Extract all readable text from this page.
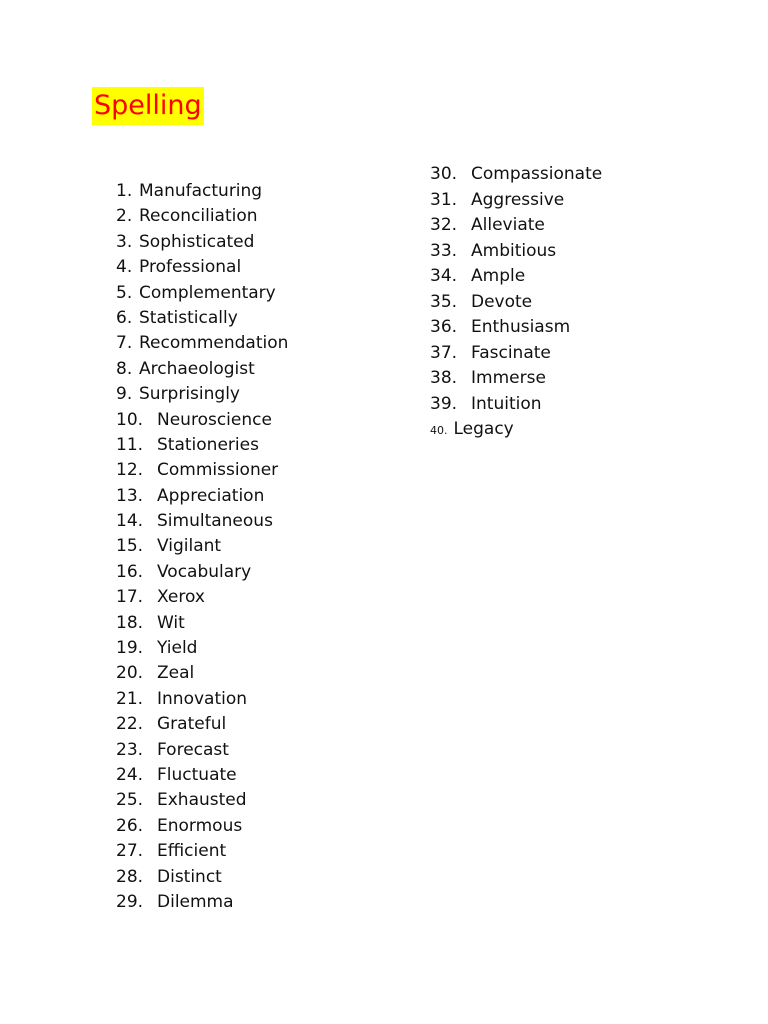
Spelling
1. Manufacturing
2. Reconciliation
3. Sophisticated
4. Professional
5. Complementary
6. Statistically
7. Recommendation
8. Archaeologist
9. Surprisingly
10. Neuroscience
11. Stationeries
12. Commissioner
13. Appreciation
14. Simultaneous
15. Vigilant
16. Vocabulary
17. Xerox
18. Wit
19. Yield
20. Zeal
21. Innovation
22. Grateful
23. Forecast
24. Fluctuate
25. Exhausted
26. Enormous
27. Efficient
28. Distinct
29. Dilemma
30. Compassionate
31. Aggressive
32. Alleviate
33. Ambitious
34. Ample
35. Devote
36. Enthusiasm
37. Fascinate
38. Immerse
39. Intuition
40. Legacy
